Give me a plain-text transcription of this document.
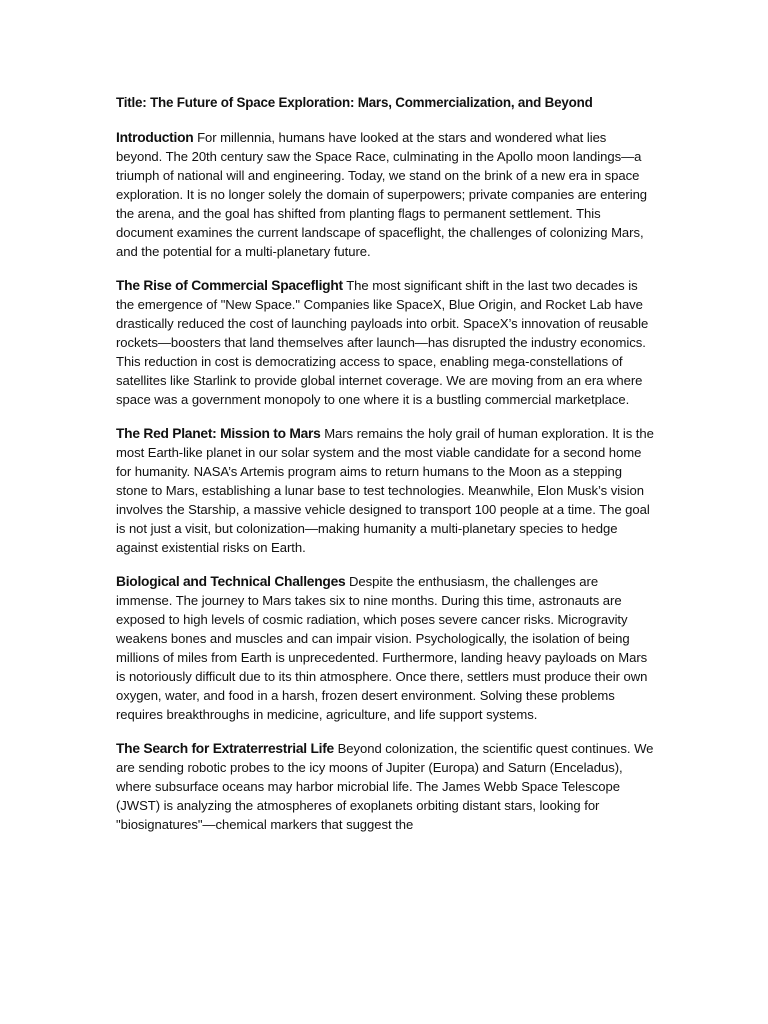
Title: The Future of Space Exploration: Mars, Commercialization, and Beyond

Introduction For millennia, humans have looked at the stars and wondered what lies beyond. The 20th century saw the Space Race, culminating in the Apollo moon landings—a triumph of national will and engineering. Today, we stand on the brink of a new era in space exploration. It is no longer solely the domain of superpowers; private companies are entering the arena, and the goal has shifted from planting flags to permanent settlement. This document examines the current landscape of spaceflight, the challenges of colonizing Mars, and the potential for a multi-planetary future.

The Rise of Commercial Spaceflight The most significant shift in the last two decades is the emergence of "New Space." Companies like SpaceX, Blue Origin, and Rocket Lab have drastically reduced the cost of launching payloads into orbit. SpaceX’s innovation of reusable rockets—boosters that land themselves after launch—has disrupted the industry economics. This reduction in cost is democratizing access to space, enabling mega-constellations of satellites like Starlink to provide global internet coverage. We are moving from an era where space was a government monopoly to one where it is a bustling commercial marketplace.

The Red Planet: Mission to Mars Mars remains the holy grail of human exploration. It is the most Earth-like planet in our solar system and the most viable candidate for a second home for humanity. NASA’s Artemis program aims to return humans to the Moon as a stepping stone to Mars, establishing a lunar base to test technologies. Meanwhile, Elon Musk’s vision involves the Starship, a massive vehicle designed to transport 100 people at a time. The goal is not just a visit, but colonization—making humanity a multi-planetary species to hedge against existential risks on Earth.

Biological and Technical Challenges Despite the enthusiasm, the challenges are immense. The journey to Mars takes six to nine months. During this time, astronauts are exposed to high levels of cosmic radiation, which poses severe cancer risks. Microgravity weakens bones and muscles and can impair vision. Psychologically, the isolation of being millions of miles from Earth is unprecedented. Furthermore, landing heavy payloads on Mars is notoriously difficult due to its thin atmosphere. Once there, settlers must produce their own oxygen, water, and food in a harsh, frozen desert environment. Solving these problems requires breakthroughs in medicine, agriculture, and life support systems.

The Search for Extraterrestrial Life Beyond colonization, the scientific quest continues. We are sending robotic probes to the icy moons of Jupiter (Europa) and Saturn (Enceladus), where subsurface oceans may harbor microbial life. The James Webb Space Telescope (JWST) is analyzing the atmospheres of exoplanets orbiting distant stars, looking for "biosignatures"—chemical markers that suggest the
